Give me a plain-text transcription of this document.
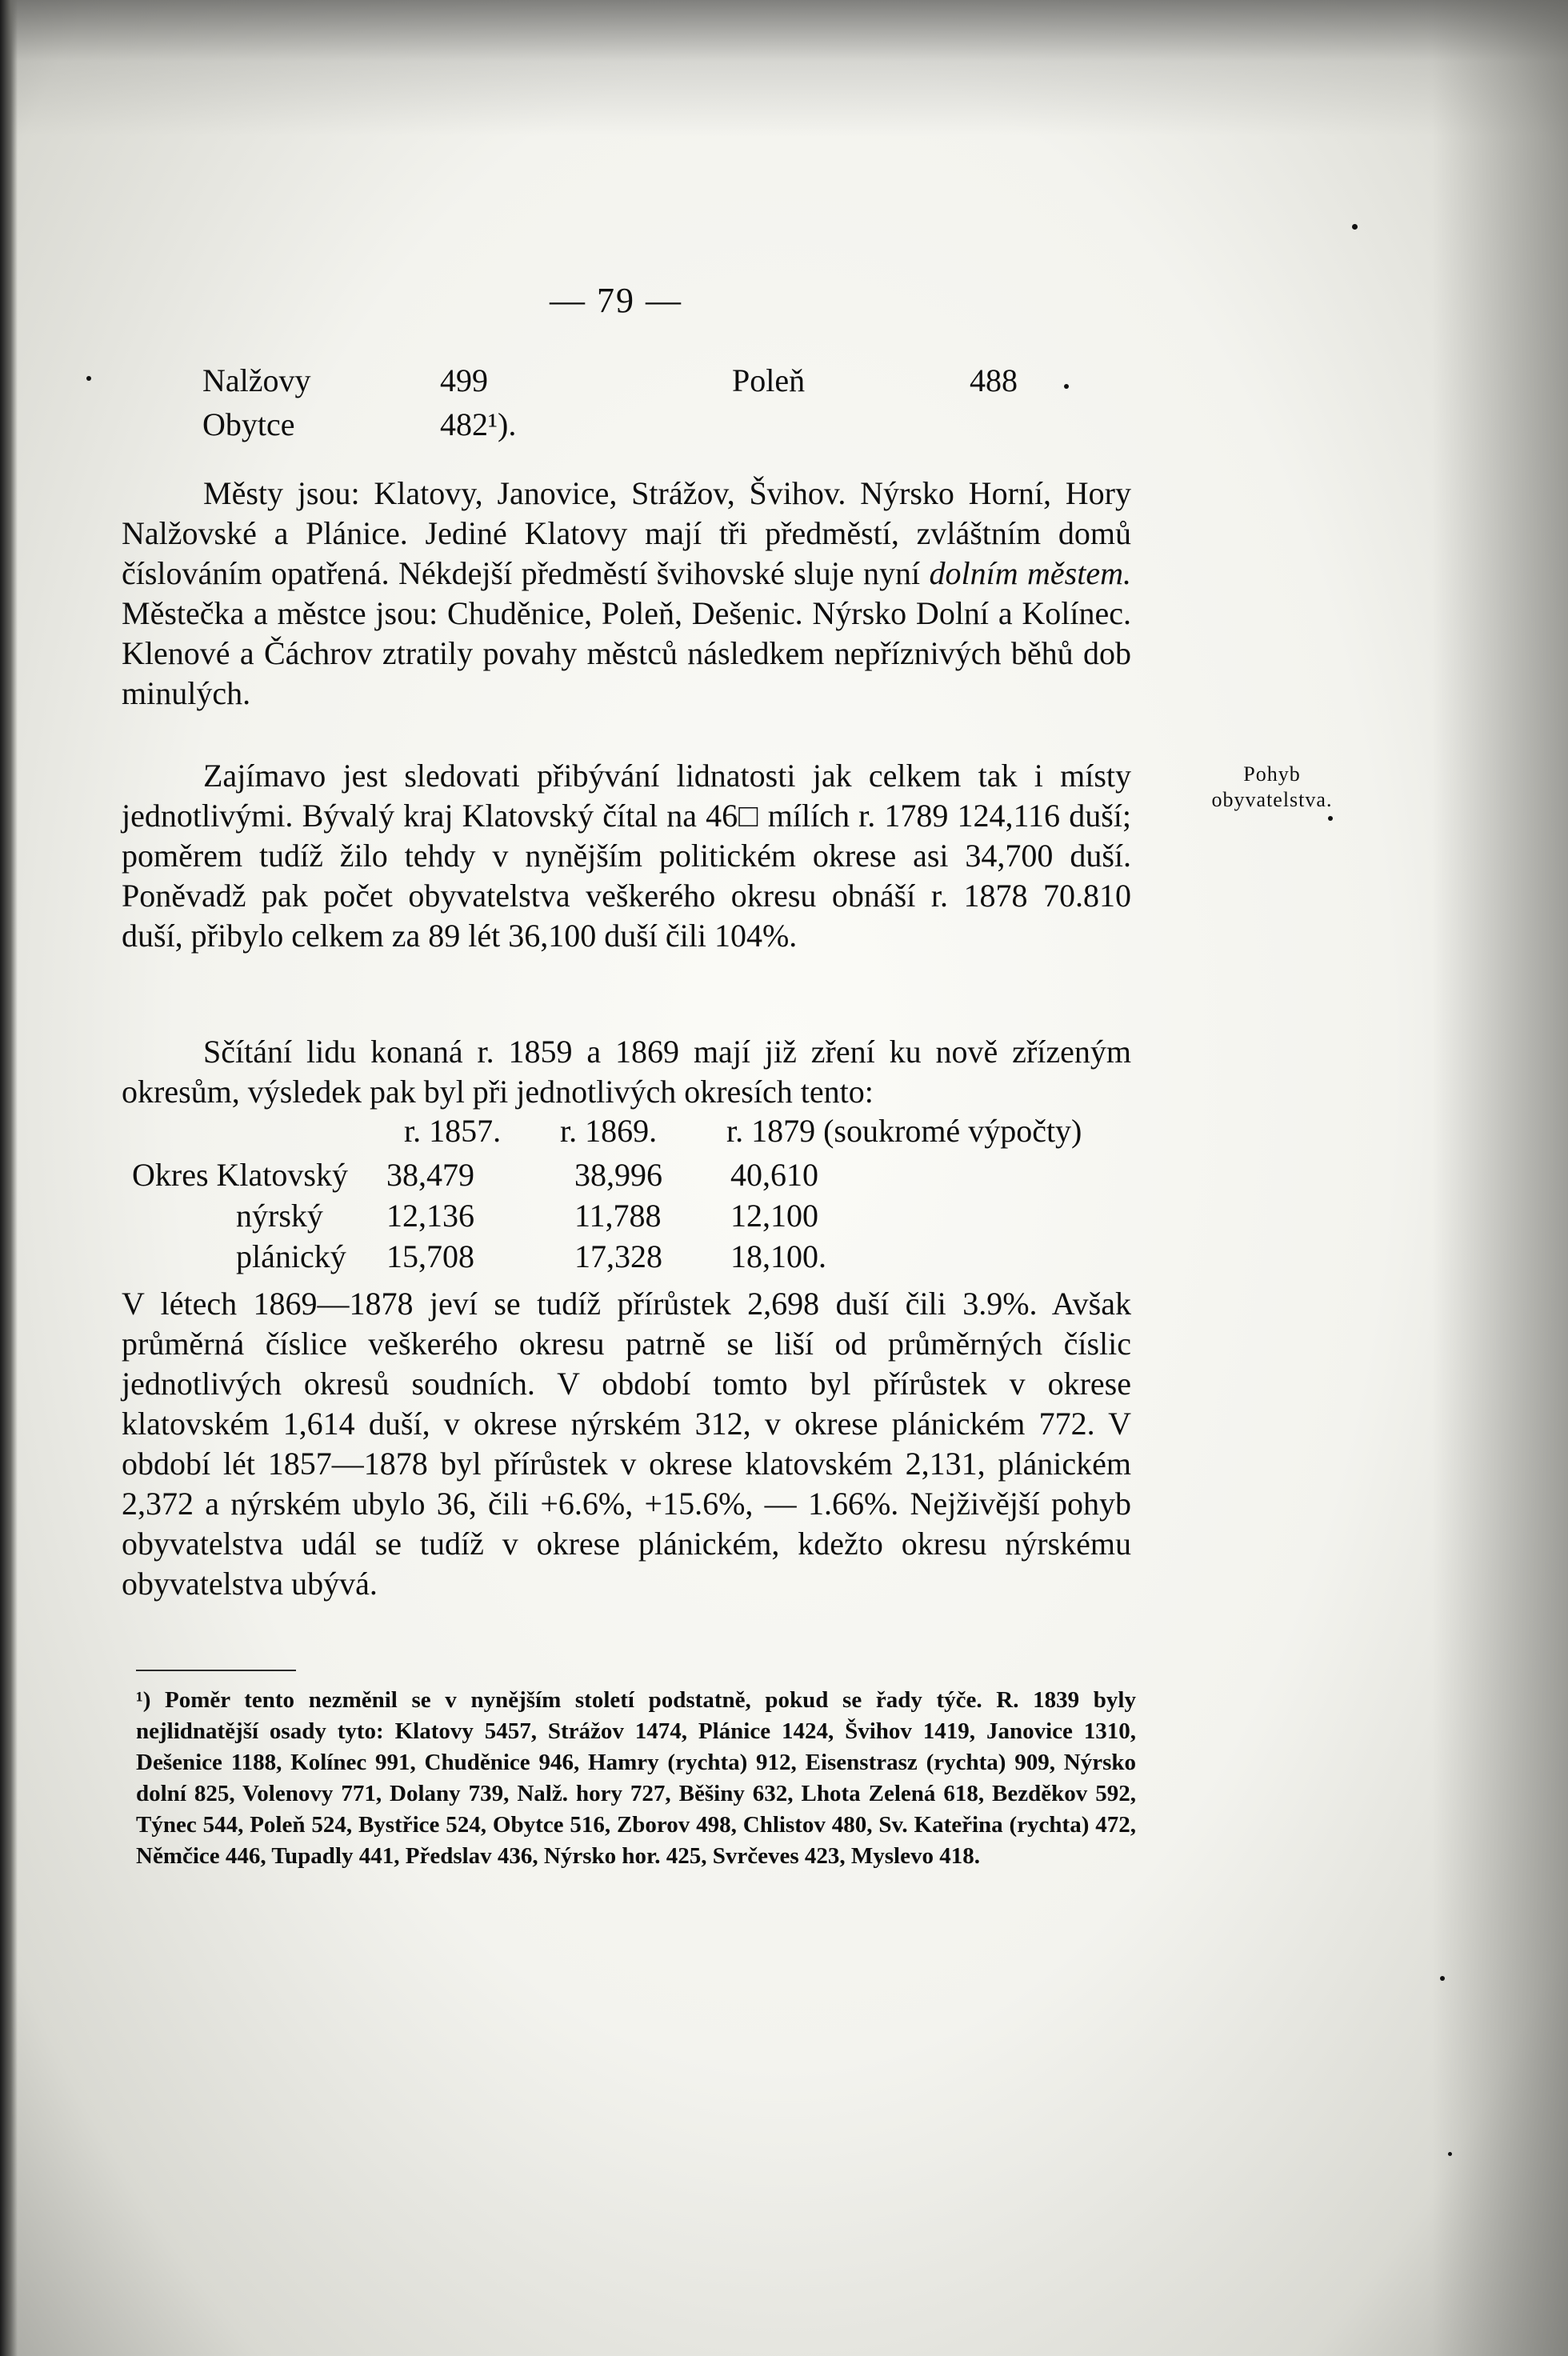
— 79 —
Nalžovy	499	Poleň	488
Obytce	482¹).
Městy jsou: Klatovy, Janovice, Strážov, Švihov. Nýrsko Horní, Hory Nalžovské a Plánice. Jediné Klatovy mají tři předměstí, zvláštním domů číslováním opatřená. Nékdejší předměstí švihovské sluje nyní dolním městem. Městečka a městce jsou: Chuděnice, Poleň, Dešenic. Nýrsko Dolní a Kolínec. Klenové a Čáchrov ztratily povahy městců následkem nepříznivých běhů dob minulých.
Zajímavo jest sledovati přibývání lidnatosti jak celkem tak i místy jednotlivými. Bývalý kraj Klatovský čítal na 46□ mílích r. 1789 124,116 duší; poměrem tudíž žilo tehdy v nynějším politickém okrese asi 34,700 duší. Poněvadž pak počet obyvatelstva veškerého okresu obnáší r. 1878 70.810 duší, přibylo celkem za 89 lét 36,100 duší čili 104%.
Pohyb
obyvatelstva.
Sčítání lidu konaná r. 1859 a 1869 mají již zření ku nově zřízeným okresům, výsledek pak byl při jednotlivých okresích tento:
r. 1857. r. 1869. r. 1879 (soukromé výpočty)
Okres Klatovský 38,479	38,996 40,610
nýrský 12,136	11,788 12,100
plánický 15,708	17,328 18,100.
V létech 1869—1878 jeví se tudíž přírůstek 2,698 duší čili 3.9%. Avšak průměrná číslice veškerého okresu patrně se liší od průměrných číslic jednotlivých okresů soudních. V období tomto byl přírůstek v okrese klatovském 1,614 duší, v okrese nýrském 312, v okrese plánickém 772. V období lét 1857—1878 byl přírůstek v okrese klatovském 2,131, plánickém 2,372 a nýrském ubylo 36, čili +6.6%, +15.6%, — 1.66%. Nejživější pohyb obyvatelstva udál se tudíž v okrese plánickém, kdežto okresu nýrskému obyvatelstva ubývá.
¹) Poměr tento nezměnil se v nynějším století podstatně, pokud se řady týče. R. 1839 byly nejlidnatější osady tyto: Klatovy 5457, Strážov 1474, Plánice 1424, Švihov 1419, Janovice 1310, Dešenice 1188, Kolínec 991, Chuděnice 946, Hamry (rychta) 912, Eisenstrasz (rychta) 909, Nýrsko dolní 825, Volenovy 771, Dolany 739, Nalž. hory 727, Běšiny 632, Lhota Zelená 618, Bezděkov 592, Týnec 544, Poleň 524, Bystřice 524, Obytce 516, Zborov 498, Chlistov 480, Sv. Kateřina (rychta) 472, Němčice 446, Tupadly 441, Předslav 436, Nýrsko hor. 425, Svrčeves 423, Myslevo 418.
